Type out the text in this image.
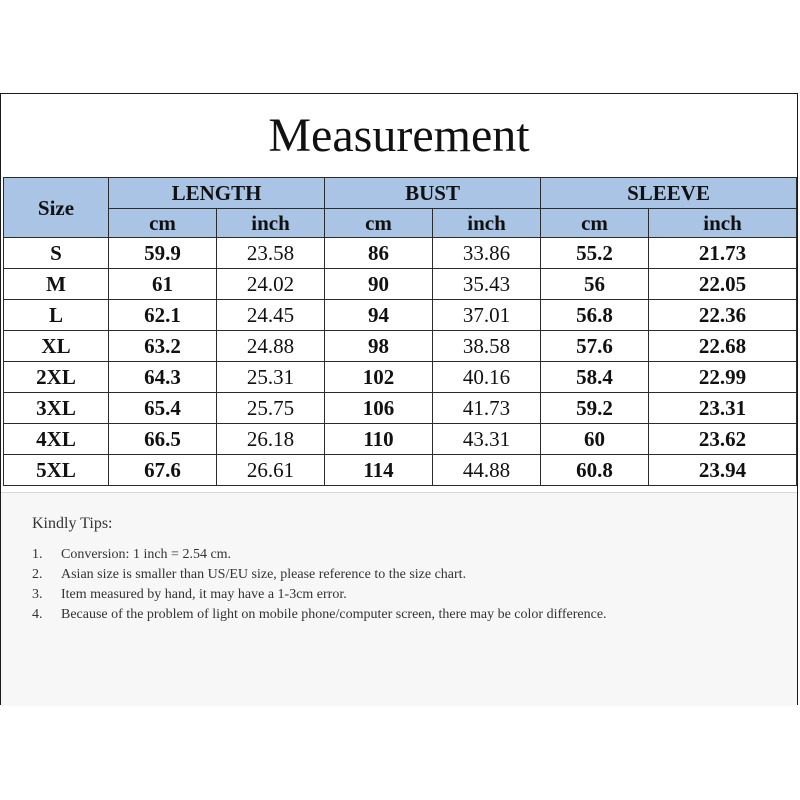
Measurement
Size	LENGTH		BUST		SLEEVE	
	cm	inch	cm	inch	cm	inch
S	59.9	23.58	86	33.86	55.2	21.73
M	61	24.02	90	35.43	56	22.05
L	62.1	24.45	94	37.01	56.8	22.36
XL	63.2	24.88	98	38.58	57.6	22.68
2XL	64.3	25.31	102	40.16	58.4	22.99
3XL	65.4	25.75	106	41.73	59.2	23.31
4XL	66.5	26.18	110	43.31	60	23.62
5XL	67.6	26.61	114	44.88	60.8	23.94
Kindly Tips:
1.	Conversion: 1 inch = 2.54 cm.
2.	Asian size is smaller than US/EU size, please reference to the size chart.
3.	Item measured by hand, it may have a 1-3cm error.
4.	Because of the problem of light on mobile phone/computer screen, there may be color difference.
